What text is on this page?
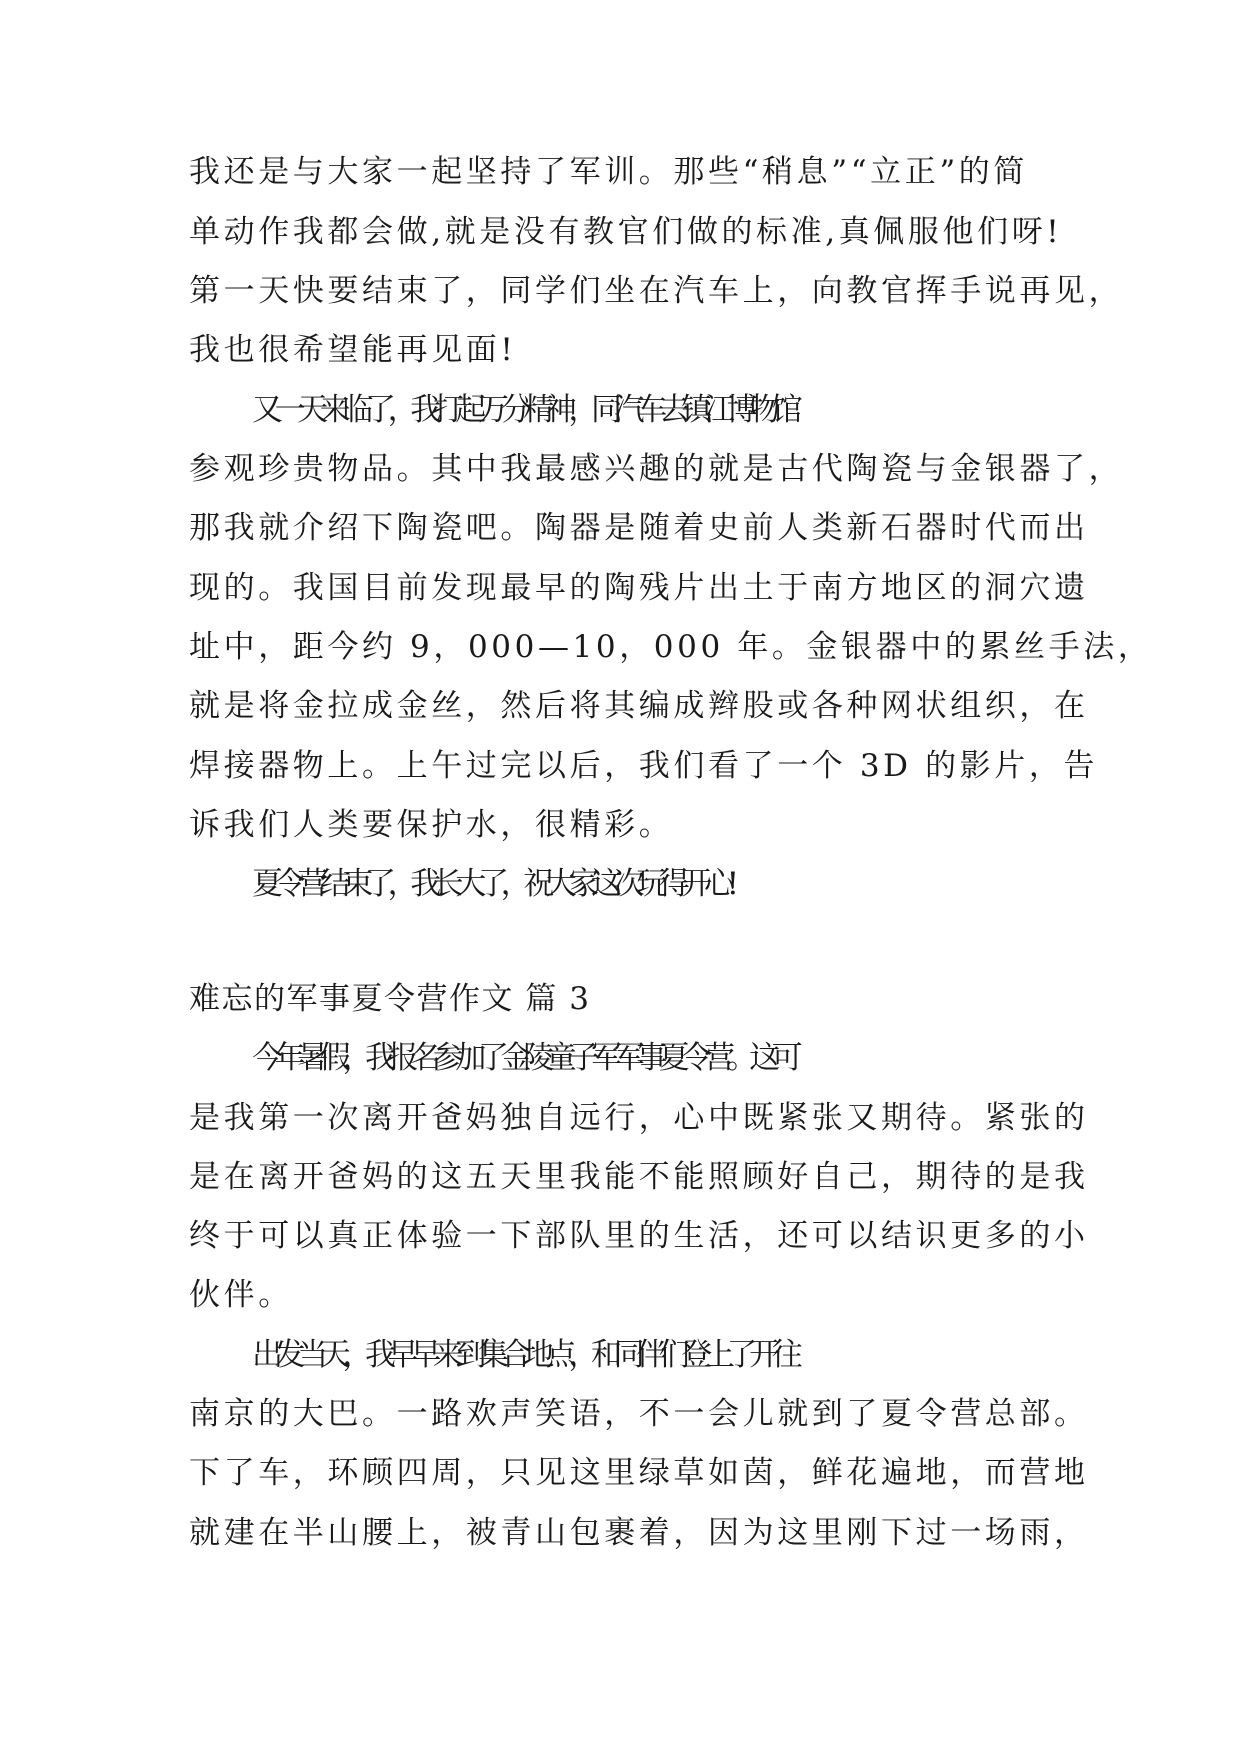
我还是与大家一起坚持了军训。那些“稍息”“立正”的简
单动作我都会做,就是没有教官们做的标准,真佩服他们呀!
第一天快要结束了，同学们坐在汽车上，向教官挥手说再见，
我也很希望能再见面!
又一天来临了，我打起万分精神，同汽车去镇江博物馆
参观珍贵物品。其中我最感兴趣的就是古代陶瓷与金银器了，
那我就介绍下陶瓷吧。陶器是随着史前人类新石器时代而出
现的。我国目前发现最早的陶残片出土于南方地区的洞穴遗
址中，距今约 9，000—10，000 年。金银器中的累丝手法，
就是将金拉成金丝，然后将其编成辫股或各种网状组织，在
焊接器物上。上午过完以后，我们看了一个 3D 的影片，告
诉我们人类要保护水，很精彩。
夏令营结束了，我长大了，祝大家这次玩得开心!
难忘的军事夏令营作文 篇 3
今年暑假，我报名参加了金陵童子军军事夏令营。这可
是我第一次离开爸妈独自远行，心中既紧张又期待。紧张的
是在离开爸妈的这五天里我能不能照顾好自己，期待的是我
终于可以真正体验一下部队里的生活，还可以结识更多的小
伙伴。
出发当天，我早早来到集合地点，和同伴们登上了开往
南京的大巴。一路欢声笑语，不一会儿就到了夏令营总部。
下了车，环顾四周，只见这里绿草如茵，鲜花遍地，而营地
就建在半山腰上，被青山包裹着，因为这里刚下过一场雨，
